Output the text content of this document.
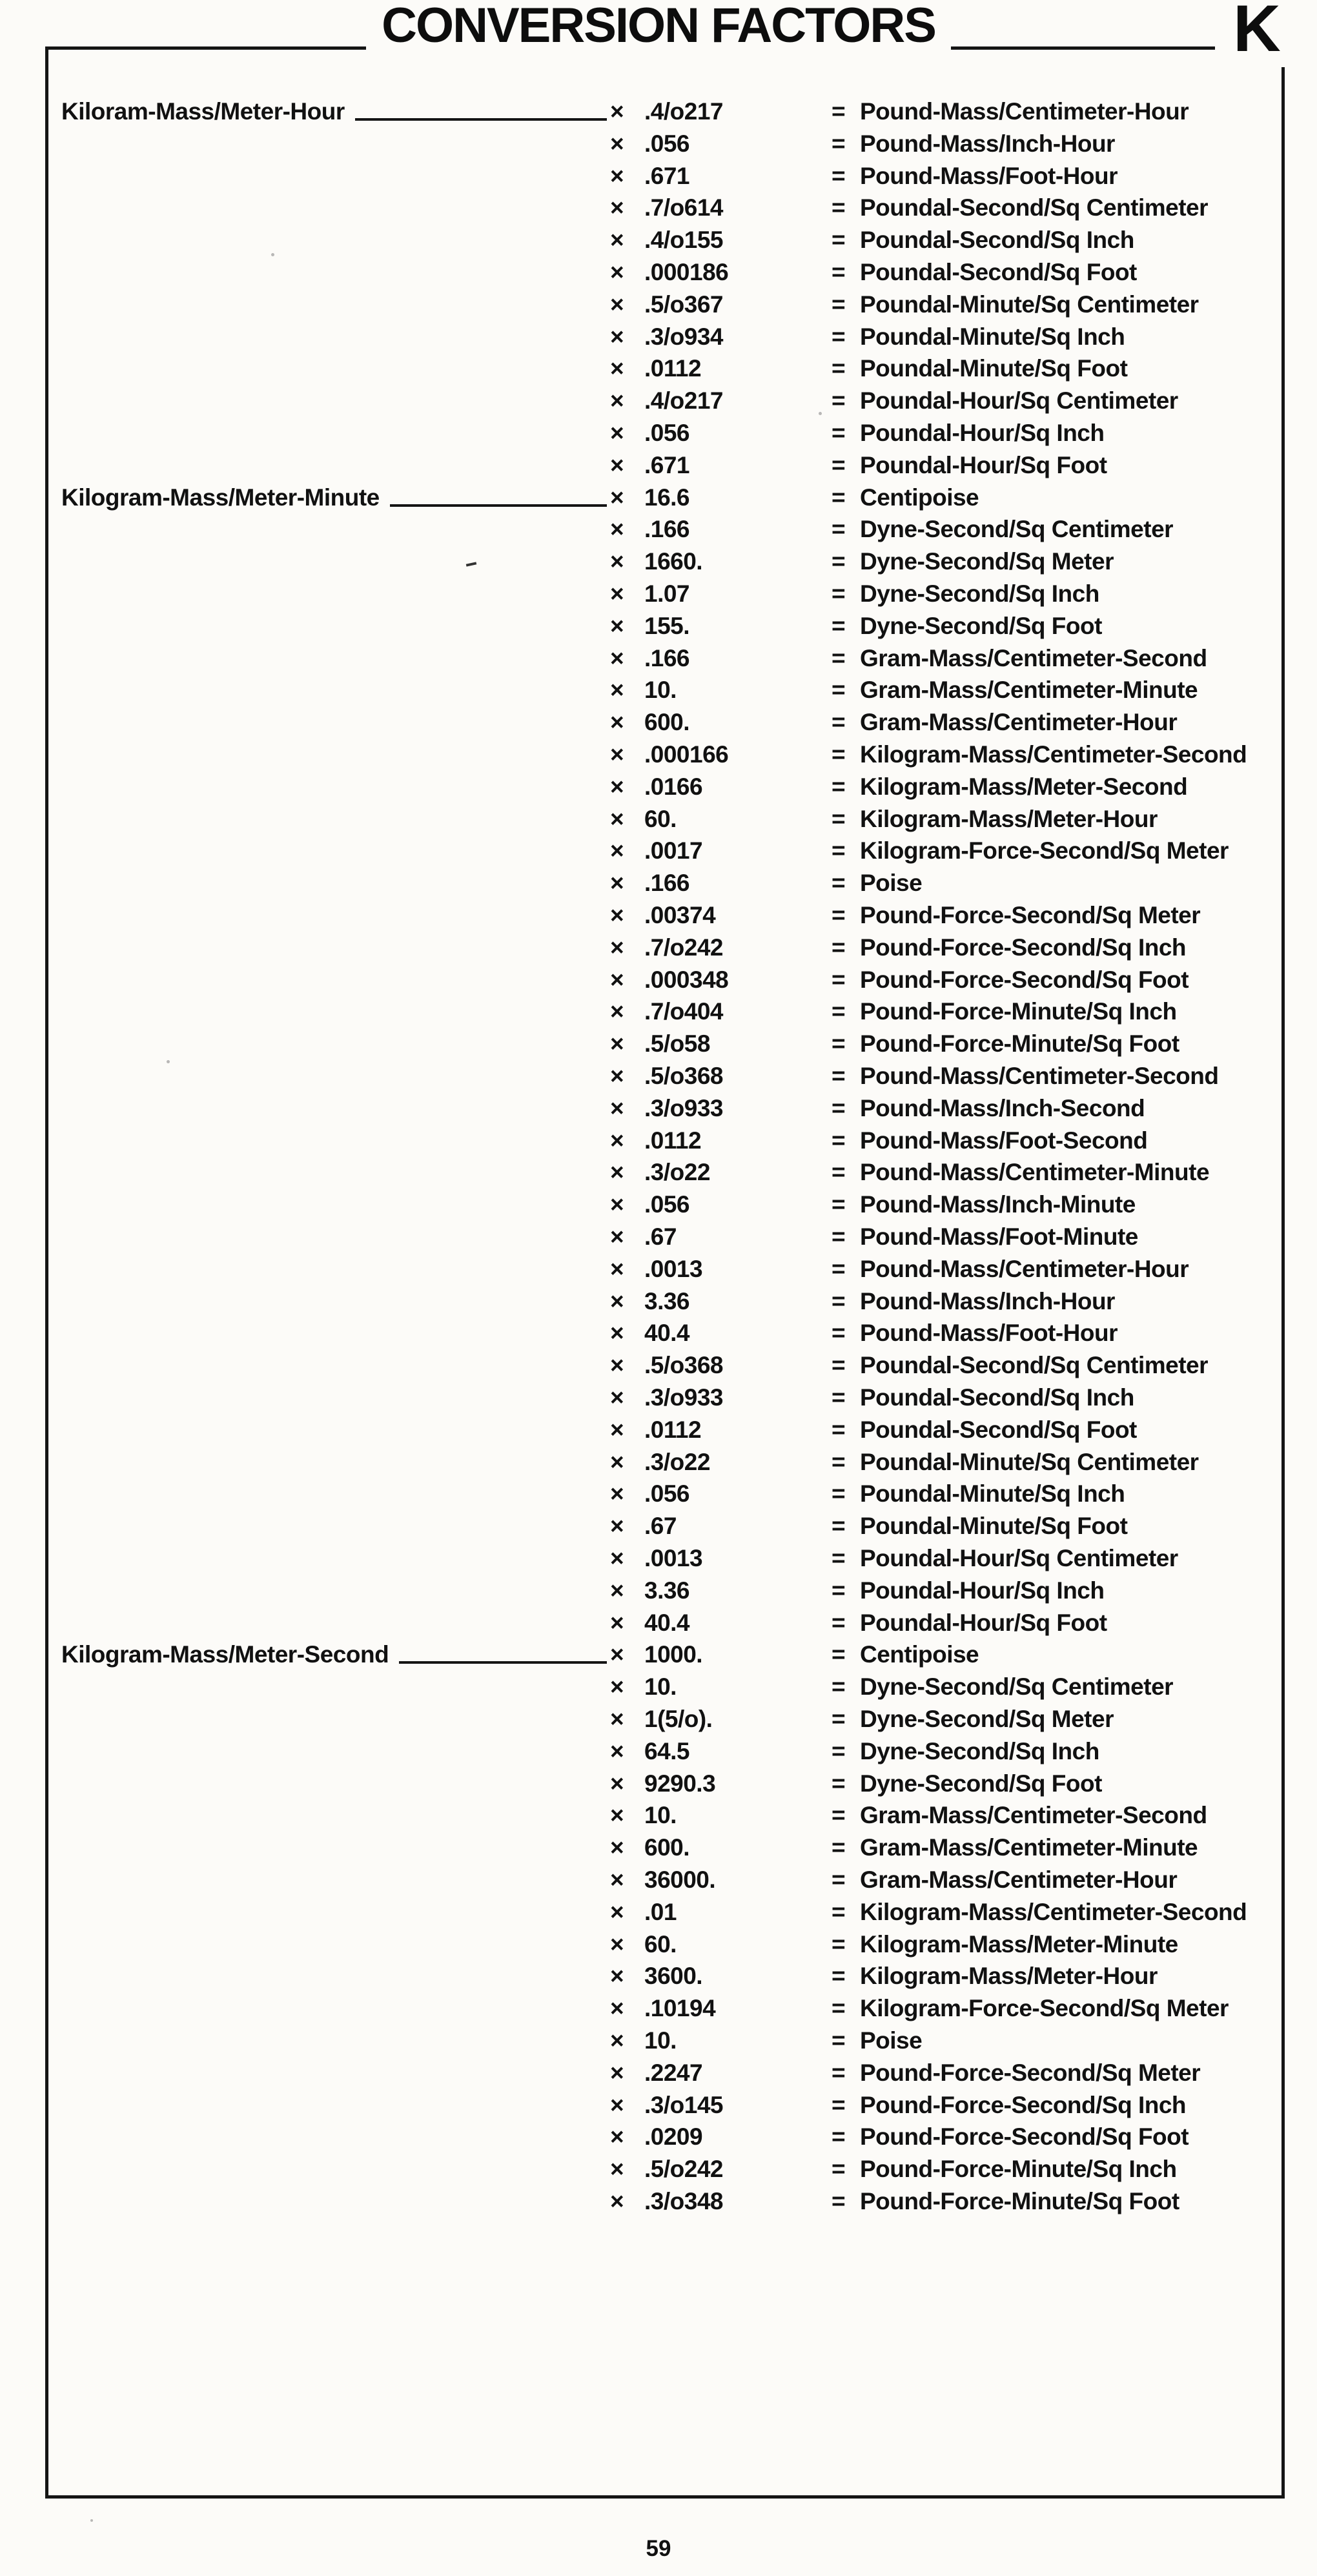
CONVERSION FACTORS	K
Kiloram-Mass/Meter-Hour	× .4/o217	= Pound-Mass/Centimeter-Hour
× .056	= Pound-Mass/Inch-Hour
× .671	= Pound-Mass/Foot-Hour
× .7/o614	= Poundal-Second/Sq Centimeter
× .4/o155	= Poundal-Second/Sq Inch
× .000186	= Poundal-Second/Sq Foot
× .5/o367	= Poundal-Minute/Sq Centimeter
× .3/o934	= Poundal-Minute/Sq Inch
× .0112	= Poundal-Minute/Sq Foot
× .4/o217	= Poundal-Hour/Sq Centimeter
× .056	= Poundal-Hour/Sq Inch
× .671	= Poundal-Hour/Sq Foot
Kilogram-Mass/Meter-Minute	× 16.6	= Centipoise
× .166	= Dyne-Second/Sq Centimeter
× 1660.	= Dyne-Second/Sq Meter
× 1.07	= Dyne-Second/Sq Inch
× 155.	= Dyne-Second/Sq Foot
× .166	= Gram-Mass/Centimeter-Second
× 10.	= Gram-Mass/Centimeter-Minute
× 600.	= Gram-Mass/Centimeter-Hour
× .000166	= Kilogram-Mass/Centimeter-Second
× .0166	= Kilogram-Mass/Meter-Second
× 60.	= Kilogram-Mass/Meter-Hour
× .0017	= Kilogram-Force-Second/Sq Meter
× .166	= Poise
× .00374	= Pound-Force-Second/Sq Meter
× .7/o242	= Pound-Force-Second/Sq Inch
× .000348	= Pound-Force-Second/Sq Foot
× .7/o404	= Pound-Force-Minute/Sq Inch
× .5/o58	= Pound-Force-Minute/Sq Foot
× .5/o368	= Pound-Mass/Centimeter-Second
× .3/o933	= Pound-Mass/Inch-Second
× .0112	= Pound-Mass/Foot-Second
× .3/o22	= Pound-Mass/Centimeter-Minute
× .056	= Pound-Mass/Inch-Minute
× .67	= Pound-Mass/Foot-Minute
× .0013	= Pound-Mass/Centimeter-Hour
× 3.36	= Pound-Mass/Inch-Hour
× 40.4	= Pound-Mass/Foot-Hour
× .5/o368	= Poundal-Second/Sq Centimeter
× .3/o933	= Poundal-Second/Sq Inch
× .0112	= Poundal-Second/Sq Foot
× .3/o22	= Poundal-Minute/Sq Centimeter
× .056	= Poundal-Minute/Sq Inch
× .67	= Poundal-Minute/Sq Foot
× .0013	= Poundal-Hour/Sq Centimeter
× 3.36	= Poundal-Hour/Sq Inch
× 40.4	= Poundal-Hour/Sq Foot
Kilogram-Mass/Meter-Second	× 1000.	= Centipoise
× 10.	= Dyne-Second/Sq Centimeter
× 1(5/o).	= Dyne-Second/Sq Meter
× 64.5	= Dyne-Second/Sq Inch
× 9290.3	= Dyne-Second/Sq Foot
× 10.	= Gram-Mass/Centimeter-Second
× 600.	= Gram-Mass/Centimeter-Minute
× 36000.	= Gram-Mass/Centimeter-Hour
× .01	= Kilogram-Mass/Centimeter-Second
× 60.	= Kilogram-Mass/Meter-Minute
× 3600.	= Kilogram-Mass/Meter-Hour
× .10194	= Kilogram-Force-Second/Sq Meter
× 10.	= Poise
× .2247	= Pound-Force-Second/Sq Meter
× .3/o145	= Pound-Force-Second/Sq Inch
× .0209	= Pound-Force-Second/Sq Foot
× .5/o242	= Pound-Force-Minute/Sq Inch
× .3/o348	= Pound-Force-Minute/Sq Foot
59
